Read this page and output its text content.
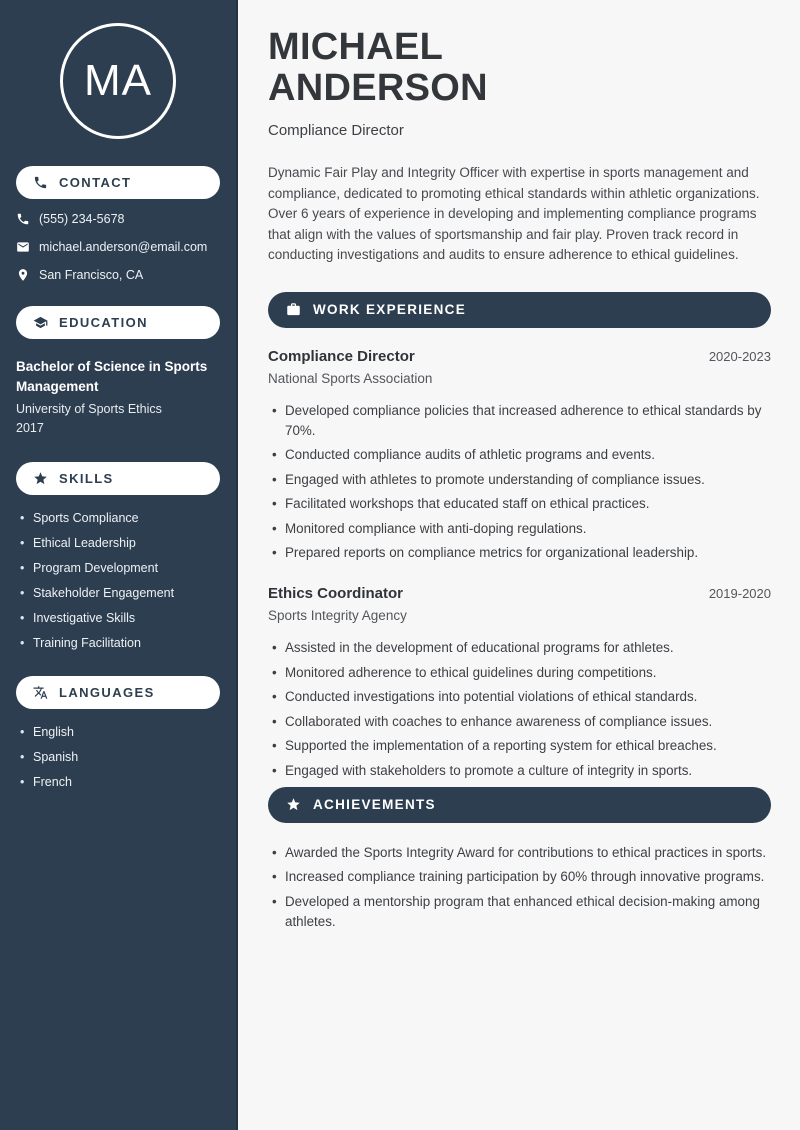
MA
CONTACT
(555) 234-5678
michael.anderson@email.com
San Francisco, CA
EDUCATION
Bachelor of Science in Sports Management
University of Sports Ethics
2017
SKILLS
• Sports Compliance
• Ethical Leadership
• Program Development
• Stakeholder Engagement
• Investigative Skills
• Training Facilitation
LANGUAGES
• English
• Spanish
• French
MICHAEL
ANDERSON
Compliance Director

Dynamic Fair Play and Integrity Officer with expertise in sports management and compliance, dedicated to promoting ethical standards within athletic organizations. Over 6 years of experience in developing and implementing compliance programs that align with the values of sportsmanship and fair play. Proven track record in conducting investigations and audits to ensure adherence to ethical guidelines.

WORK EXPERIENCE
Compliance Director	2020-2023
National Sports Association
• Developed compliance policies that increased adherence to ethical standards by 70%.
• Conducted compliance audits of athletic programs and events.
• Engaged with athletes to promote understanding of compliance issues.
• Facilitated workshops that educated staff on ethical practices.
• Monitored compliance with anti-doping regulations.
• Prepared reports on compliance metrics for organizational leadership.
Ethics Coordinator	2019-2020
Sports Integrity Agency
• Assisted in the development of educational programs for athletes.
• Monitored adherence to ethical guidelines during competitions.
• Conducted investigations into potential violations of ethical standards.
• Collaborated with coaches to enhance awareness of compliance issues.
• Supported the implementation of a reporting system for ethical breaches.
• Engaged with stakeholders to promote a culture of integrity in sports.
ACHIEVEMENTS
• Awarded the Sports Integrity Award for contributions to ethical practices in sports.
• Increased compliance training participation by 60% through innovative programs.
• Developed a mentorship program that enhanced ethical decision-making among athletes.
